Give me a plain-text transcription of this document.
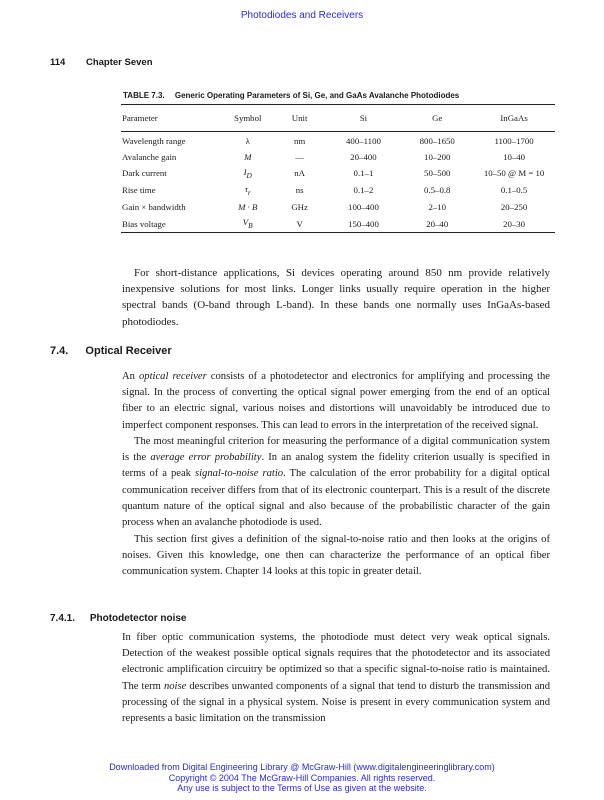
Photodiodes and Receivers
114 Chapter Seven
TABLE 7.3. Generic Operating Parameters of Si, Ge, and GaAs Avalanche Photodiodes
Parameter	Symbol	Unit	Si	Ge	InGaAs
Wavelength range	λ	nm	400–1100	800–1650	1100–1700
Avalanche gain	M	—	20–400	10–200	10–40
Dark current	$I_D$	nA	0.1–1	50–500	10–50 @ M = 10
Rise time	$\tau_r$	ns	0.1–2	0.5–0.8	0.1–0.5
Gain × bandwidth	M · B	GHz	100–400	2–10	20–250
Bias voltage	$V_B$	V	150–400	20–40	20–30

For short-distance applications, Si devices operating around 850 nm provide relatively inexpensive solutions for most links. Longer links usually require operation in the higher spectral bands (O-band through L-band). In these bands one normally uses InGaAs-based photodiodes.

7.4. Optical Receiver

An optical receiver consists of a photodetector and electronics for amplifying and processing the signal. In the process of converting the optical signal power emerging from the end of an optical fiber to an electric signal, various noises and distortions will unavoidably be introduced due to imperfect component responses. This can lead to errors in the interpretation of the received signal.

The most meaningful criterion for measuring the performance of a digital communication system is the average error probability. In an analog system the fidelity criterion usually is specified in terms of a peak signal-to-noise ratio. The calculation of the error probability for a digital optical communication receiver differs from that of its electronic counterpart. This is a result of the discrete quantum nature of the optical signal and also because of the probabilistic character of the gain process when an avalanche photodiode is used.

This section first gives a definition of the signal-to-noise ratio and then looks at the origins of noises. Given this knowledge, one then can characterize the performance of an optical fiber communication system. Chapter 14 looks at this topic in greater detail.

7.4.1. Photodetector noise

In fiber optic communication systems, the photodiode must detect very weak optical signals. Detection of the weakest possible optical signals requires that the photodetector and its associated electronic amplification circuitry be optimized so that a specific signal-to-noise ratio is maintained. The term noise describes unwanted components of a signal that tend to disturb the transmission and processing of the signal in a physical system. Noise is present in every communication system and represents a basic limitation on the transmission

Downloaded from Digital Engineering Library @ McGraw-Hill (www.digitalengineeringlibrary.com)
Copyright © 2004 The McGraw-Hill Companies. All rights reserved.
Any use is subject to the Terms of Use as given at the website.
